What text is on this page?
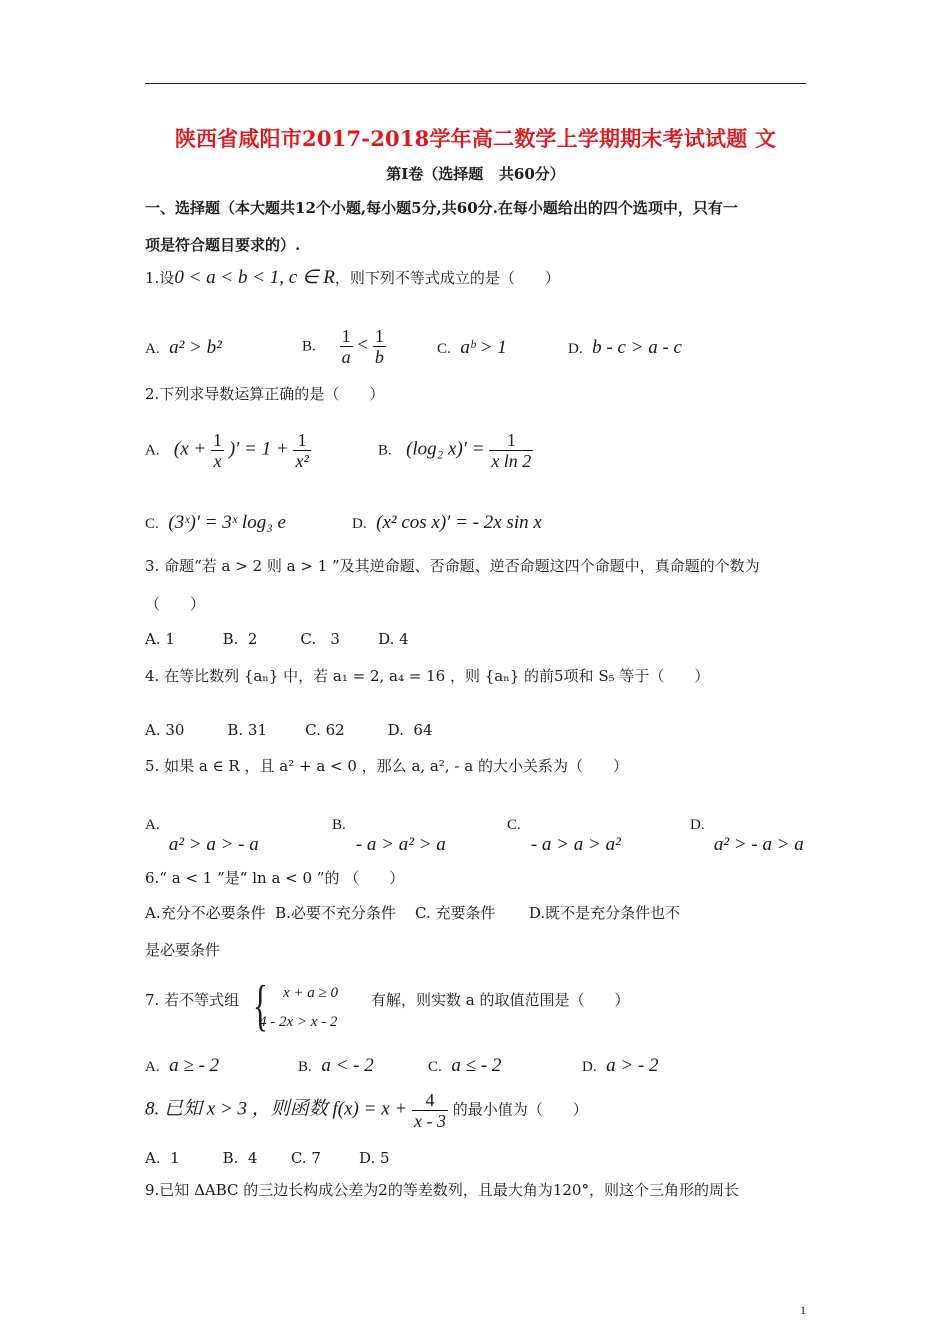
陕西省咸阳市2017-2018学年高二数学上学期期末考试试题 文
第Ⅰ卷（选择题   共60分）
一、选择题（本大题共12个小题,每小题5分,共60分.在每小题给出的四个选项中，只有一
项是符合题目要求的）.
1.设0 < a < b < 1, c ∈ R，则下列不等式成立的是（　　）
A. a² > b²	B. $\frac{1}{a} < \frac{1}{b}$	C. aᵇ > 1	D. b - c > a - c
2.下列求导数运算正确的是（　　）
A. ($x + \frac{1}{x}$ )′ = $1 + \frac{1}{\text{x²}}$	B. (log₂ $x)' = \frac{1}{\text{x ln 2}}$
C. (3ˣ)′ = 3ˣ log₃ e	D. (x² cos x)′ = - 2x sin x
3. 命题“若 a > 2 则 a > 1 ”及其逆命题、否命题、逆否命题这四个命题中，真命题的个数为
（　　）
A. 1          B.  2         C.   3        D. 4
4. 在等比数列 {aₙ} 中，若 a₁ = 2, a₄ = 16 ，则 {aₙ} 的前5项和 S₅ 等于（　　）
A. 30         B. 31        C. 62         D.  64
5. 如果 a ∈ R ，且 a² + a < 0 ，那么 a, a², - a 的大小关系为（　　）
A.
a² > a > - a
B.
- a > a² > a
C.
- a > a > a²
D.
a² > - a > a
6.“ a < 1 ”是“ ln a < 0 ”的 （　　）
A.充分不必要条件  B.必要不充分条件    C. 充要条件       D.既不是充分条件也不
是必要条件
7. 若不等式组 { x + a ≥ 0
4 - 2x > x - 2
有解，则实数 a 的取值范围是（　　）
A. a ≥ - 2	B. a < - 2	C. a ≤ - 2	D. a > - 2
8. 已知 x > 3 ，则函数 $f(x) = x + \frac{4}{x - 3}$ 的最小值为（　　）
A.  1         B.  4       C. 7        D. 5
9.已知 ΔABC 的三边长构成公差为2的等差数列，且最大角为120°，则这个三角形的周长
1
